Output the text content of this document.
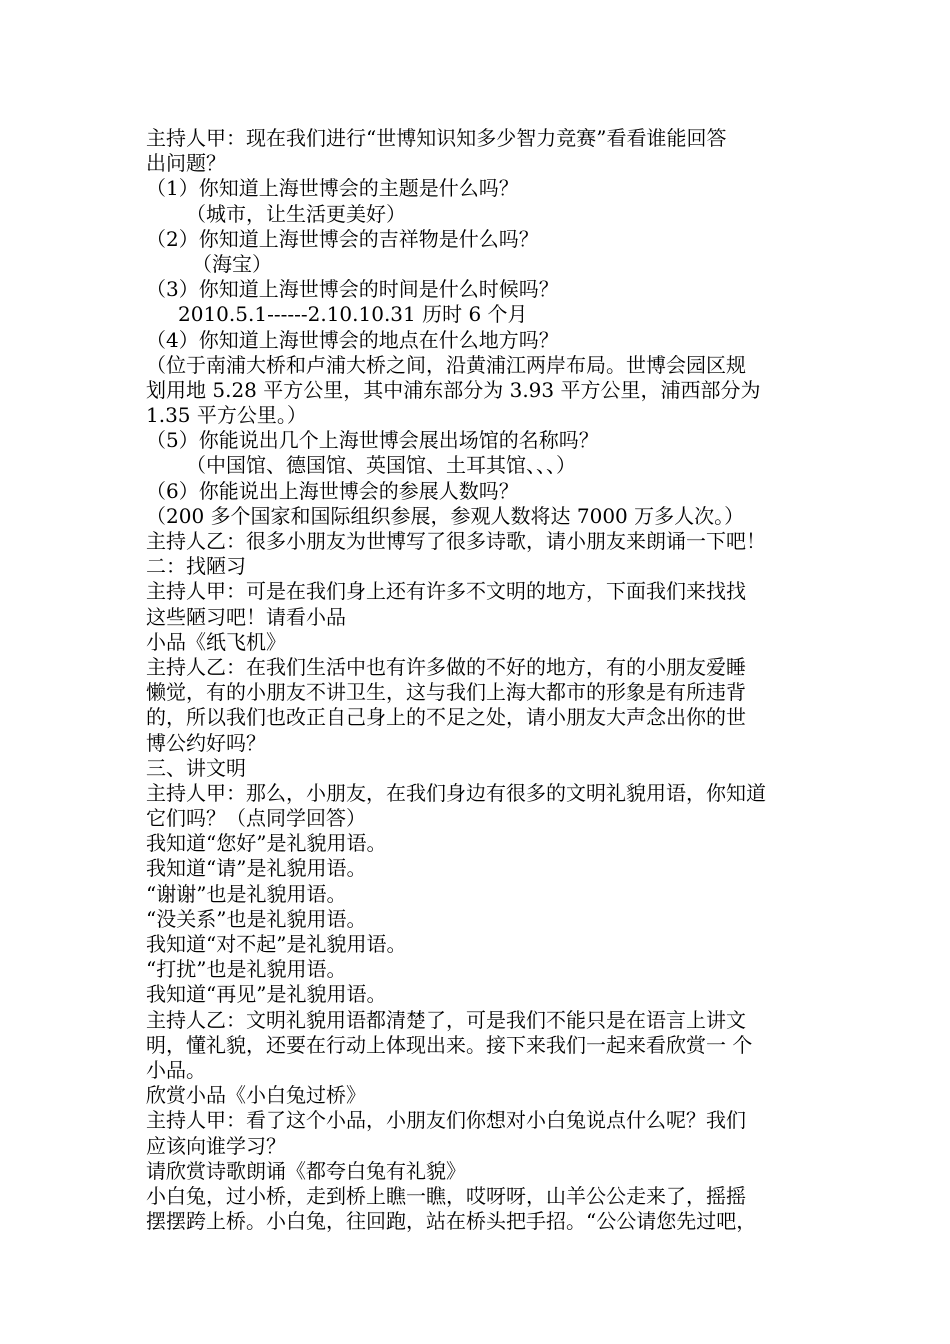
主持人甲：现在我们进行“世博知识知多少智力竞赛”看看谁能回答
出问题？
（1）你知道上海世博会的主题是什么吗？
（城市，让生活更美好）
（2）你知道上海世博会的吉祥物是什么吗？
（海宝）
（3）你知道上海世博会的时间是什么时候吗？
2010.5.1------2.10.10.31 历时 6 个月
（4）你知道上海世博会的地点在什么地方吗？
（位于南浦大桥和卢浦大桥之间，沿黄浦江两岸布局。世博会园区规
划用地 5.28 平方公里，其中浦东部分为 3.93 平方公里，浦西部分为
1.35 平方公里。）
（5）你能说出几个上海世博会展出场馆的名称吗？
（中国馆、德国馆、英国馆、土耳其馆、、、）
（6）你能说出上海世博会的参展人数吗？
（200 多个国家和国际组织参展，参观人数将达 7000 万多人次。）
主持人乙：很多小朋友为世博写了很多诗歌，请小朋友来朗诵一下吧！
二：找陋习
主持人甲：可是在我们身上还有许多不文明的地方，下面我们来找找
这些陋习吧！请看小品
小品《纸飞机》
主持人乙：在我们生活中也有许多做的不好的地方，有的小朋友爱睡
懒觉，有的小朋友不讲卫生，这与我们上海大都市的形象是有所违背
的，所以我们也改正自己身上的不足之处，请小朋友大声念出你的世
博公约好吗？
三、讲文明
主持人甲：那么，小朋友，在我们身边有很多的文明礼貌用语，你知道
它们吗？（点同学回答）
我知道“您好”是礼貌用语。
我知道“请”是礼貌用语。
“谢谢”也是礼貌用语。
“没关系”也是礼貌用语。
我知道“对不起”是礼貌用语。
“打扰”也是礼貌用语。
我知道“再见”是礼貌用语。
主持人乙：文明礼貌用语都清楚了，可是我们不能只是在语言上讲文
明，懂礼貌，还要在行动上体现出来。接下来我们一起来看欣赏一 个
小品。
欣赏小品《小白兔过桥》
主持人甲：看了这个小品，小朋友们你想对小白兔说点什么呢？我们
应该向谁学习？
请欣赏诗歌朗诵《都夸白兔有礼貌》
小白兔，过小桥，走到桥上瞧一瞧，哎呀呀，山羊公公走来了，摇摇
摆摆跨上桥。小白兔，往回跑，站在桥头把手招。“公公请您先过吧，
